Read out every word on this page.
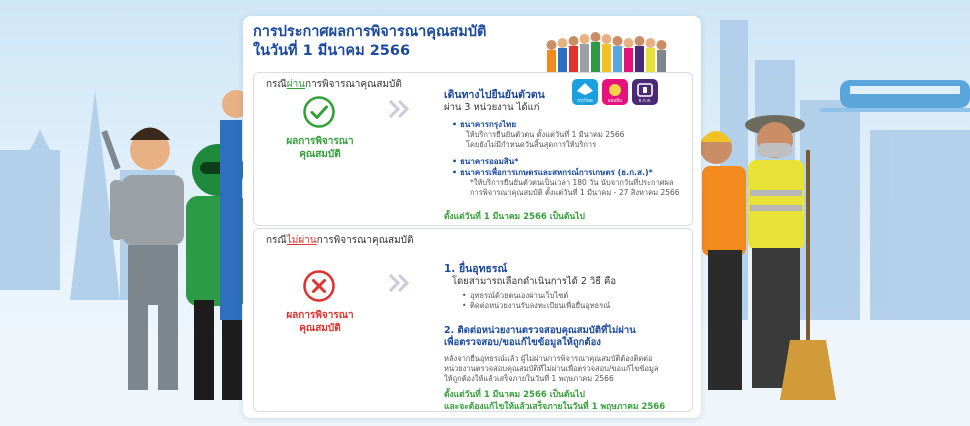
การประกาศผลการพิจารณาคุณสมบัติ
ในวันที่ 1 มีนาคม 2566
กรณีผ่านการพิจารณาคุณสมบัติ
ผลการพิจารณา
คุณสมบัติ
เดินทางไปยืนยันตัวตน
ผ่าน 3 หน่วยงาน ได้แก่
กรุงไทย	ออมสิน	ธ.ก.ส.
• ธนาคารกรุงไทย
ให้บริการยืนยันตัวตน ตั้งแต่วันที่ 1 มีนาคม 2566
โดยยังไม่มีกำหนดวันสิ้นสุดการให้บริการ
• ธนาคารออมสิน*
• ธนาคารเพื่อการเกษตรและสหกรณ์การเกษตร (ธ.ก.ส.)*
*ให้บริการยืนยันตัวตนเป็นเวลา 180 วัน นับจากวันที่ประกาศผล
การพิจารณาคุณสมบัติ ตั้งแต่วันที่ 1 มีนาคม - 27 สิงหาคม 2566
ตั้งแต่วันที่ 1 มีนาคม 2566 เป็นต้นไป
กรณีไม่ผ่านการพิจารณาคุณสมบัติ
ผลการพิจารณา
คุณสมบัติ
1. ยื่นอุทธรณ์
โดยสามารถเลือกดำเนินการได้ 2 วิธี คือ
• อุทธรณ์ด้วยตนเองผ่านเว็บไซต์
• ติดต่อหน่วยงานรับลงทะเบียนเพื่อยื่นอุทธรณ์
2. ติดต่อหน่วยงานตรวจสอบคุณสมบัติที่ไม่ผ่าน
เพื่อตรวจสอบ/ขอแก้ไขข้อมูลให้ถูกต้อง
หลังจากยื่นอุทธรณ์แล้ว ผู้ไม่ผ่านการพิจารณาคุณสมบัติต้องติดต่อ
หน่วยงานตรวจสอบคุณสมบัติที่ไม่ผ่านเพื่อตรวจสอบ/ขอแก้ไขข้อมูล
ให้ถูกต้องให้แล้วเสร็จภายในวันที่ 1 พฤษภาคม 2566
ตั้งแต่วันที่ 1 มีนาคม 2566 เป็นต้นไป
และจะต้องแก้ไขให้แล้วเสร็จภายในวันที่ 1 พฤษภาคม 2566
